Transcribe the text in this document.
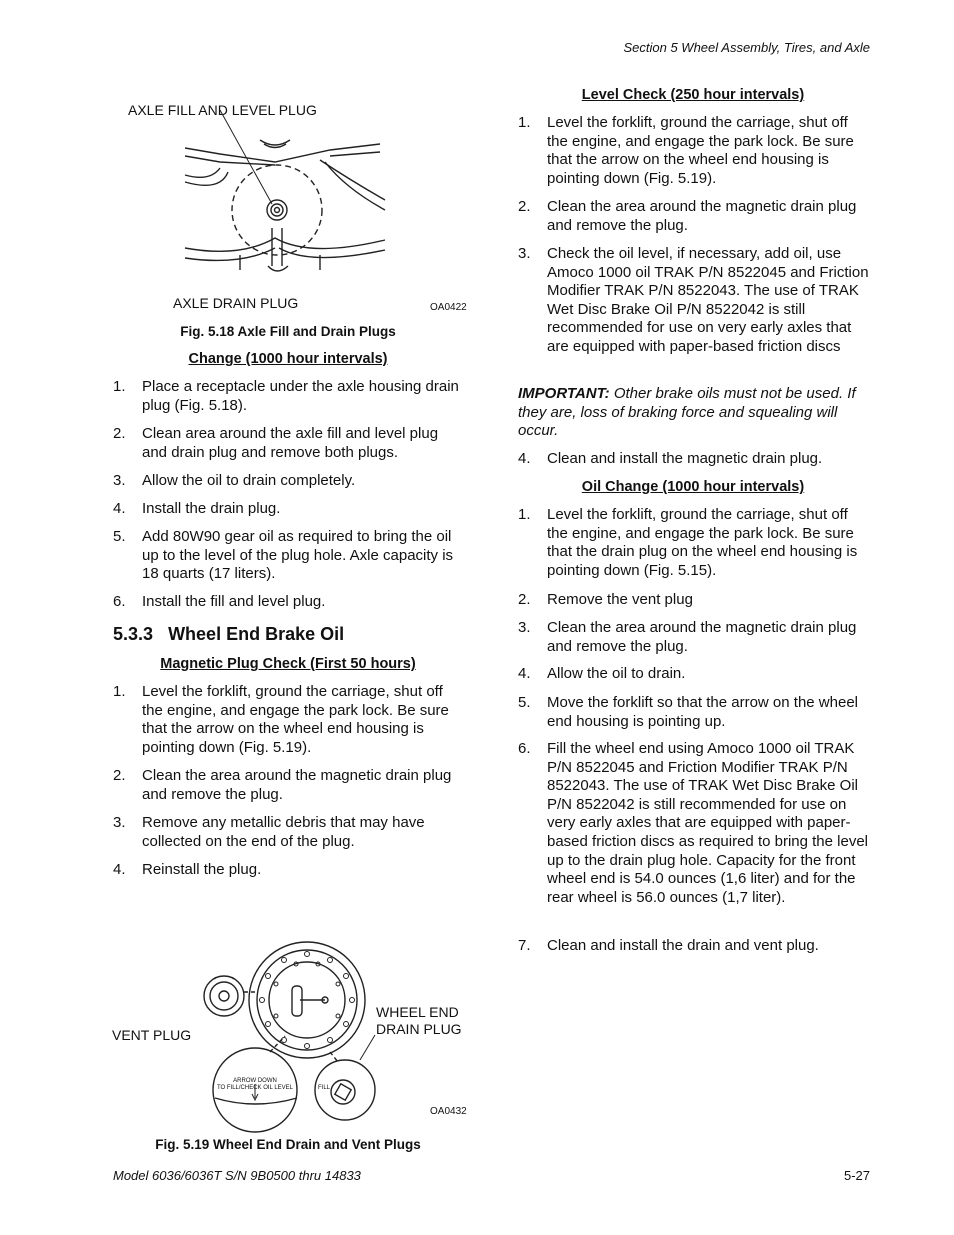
Section 5 Wheel Assembly, Tires, and Axle
AXLE FILL AND LEVEL PLUG
AXLE DRAIN PLUG	OA0422
Fig. 5.18 Axle Fill and Drain Plugs
Change (1000 hour intervals)
1.	Place a receptacle under the axle housing drain plug (Fig. 5.18).
2.	Clean area around the axle fill and level plug and drain plug and remove both plugs.
3.	Allow the oil to drain completely.
4.	Install the drain plug.
5.	Add 80W90 gear oil as required to bring the oil up to the level of the plug hole. Axle capacity is 18 quarts (17 liters).
6.	Install the fill and level plug.
5.3.3 Wheel End Brake Oil
Magnetic Plug Check (First 50 hours)
1.	Level the forklift, ground the carriage, shut off the engine, and engage the park lock. Be sure that the arrow on the wheel end housing is pointing down (Fig. 5.19).
2.	Clean the area around the magnetic drain plug and remove the plug.
3.	Remove any metallic debris that may have collected on the end of the plug.
4.	Reinstall the plug.
VENT PLUG
WHEEL END
DRAIN PLUG
ARROW DOWN
TO FILL/CHECK OIL LEVEL	FILL
OA0432
Fig. 5.19 Wheel End Drain and Vent Plugs
Level Check (250 hour intervals)
1.	Level the forklift, ground the carriage, shut off the engine, and engage the park lock. Be sure that the arrow on the wheel end housing is pointing down (Fig. 5.19).
2.	Clean the area around the magnetic drain plug and remove the plug.
3.	Check the oil level, if necessary, add oil, use Amoco 1000 oil TRAK P/N 8522045 and Friction Modifier TRAK P/N 8522043. The use of TRAK Wet Disc Brake Oil P/N 8522042 is still recommended for use on very early axles that are equipped with paper-based friction discs
IMPORTANT: Other brake oils must not be used. If they are, loss of braking force and squealing will occur.
4.	Clean and install the magnetic drain plug.
Oil Change (1000 hour intervals)
1.	Level the forklift, ground the carriage, shut off the engine, and engage the park lock. Be sure that the drain plug on the wheel end housing is pointing down (Fig. 5.15).
2.	Remove the vent plug
3.	Clean the area around the magnetic drain plug and remove the plug.
4.	Allow the oil to drain.
5.	Move the forklift so that the arrow on the wheel end housing is pointing up.
6.	Fill the wheel end using Amoco 1000 oil TRAK P/N 8522045 and Friction Modifier TRAK P/N 8522043. The use of TRAK Wet Disc Brake Oil P/N 8522042 is still recommended for use on very early axles that are equipped with paper-based friction discs as required to bring the level up to the drain plug hole. Capacity for the front wheel end is 54.0 ounces (1,6 liter) and for the rear wheel is 56.0 ounces (1,7 liter).
7.	Clean and install the drain and vent plug.
Model 6036/6036T S/N 9B0500 thru 14833	5-27
